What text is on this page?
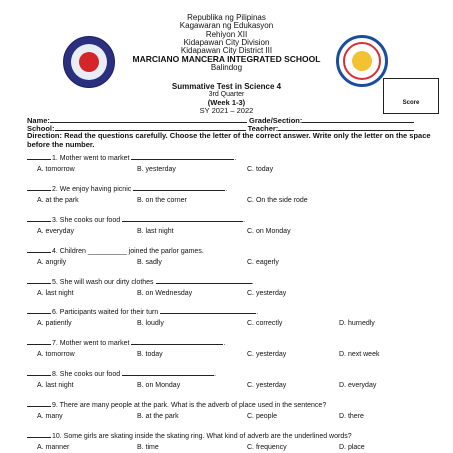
Republika ng Pilipinas
Kagawaran ng Edukasyon
Rehiyon XII
Kidapawan City Division
Kidapawan City District III
MARCIANO MANCERA INTEGRATED SCHOOL
Balindog
Score
Summative Test in Science 4
3rd Quarter
(Week 1-3)
SY 2021 – 2022
Name:	Grade/Section:
School:	Teacher:
Direction: Read the questions carefully. Choose the letter of the correct answer. Write only the letter on the space before the number.
1. Mother went to market	.
A. tomorrow	B. yesterday	C. today
2. We enjoy having picnic	.
A. at the park	B. on the corner	C. On the side rode
3. She cooks our food	.
A. everyday	B. last night	C. on Monday
4. Children __________ joined the parlor games.
A. angrily	B. sadly	C. eagerly
5. She will wash our dirty clothes	.
A. last night	B. on Wednesday	C. yesterday
6. Participants waited for their turn	.
A. patiently	B. loudly	C. correctly	D. hurnedly
7. Mother went to market	.
A. tomorrow	B. today	C. yesterday	D. next week
8. She cooks our food	.
A. last night	B. on Monday	C. yesterday	D. everyday
9. There are many people at the park. What is the adverb of place used in the sentence?
A. many	B. at the park	C. people	D. there
10. Some girls are skating inside the skating ring. What kind of adverb are the underlined words?
A. manner	B. time	C. frequency	D. place
